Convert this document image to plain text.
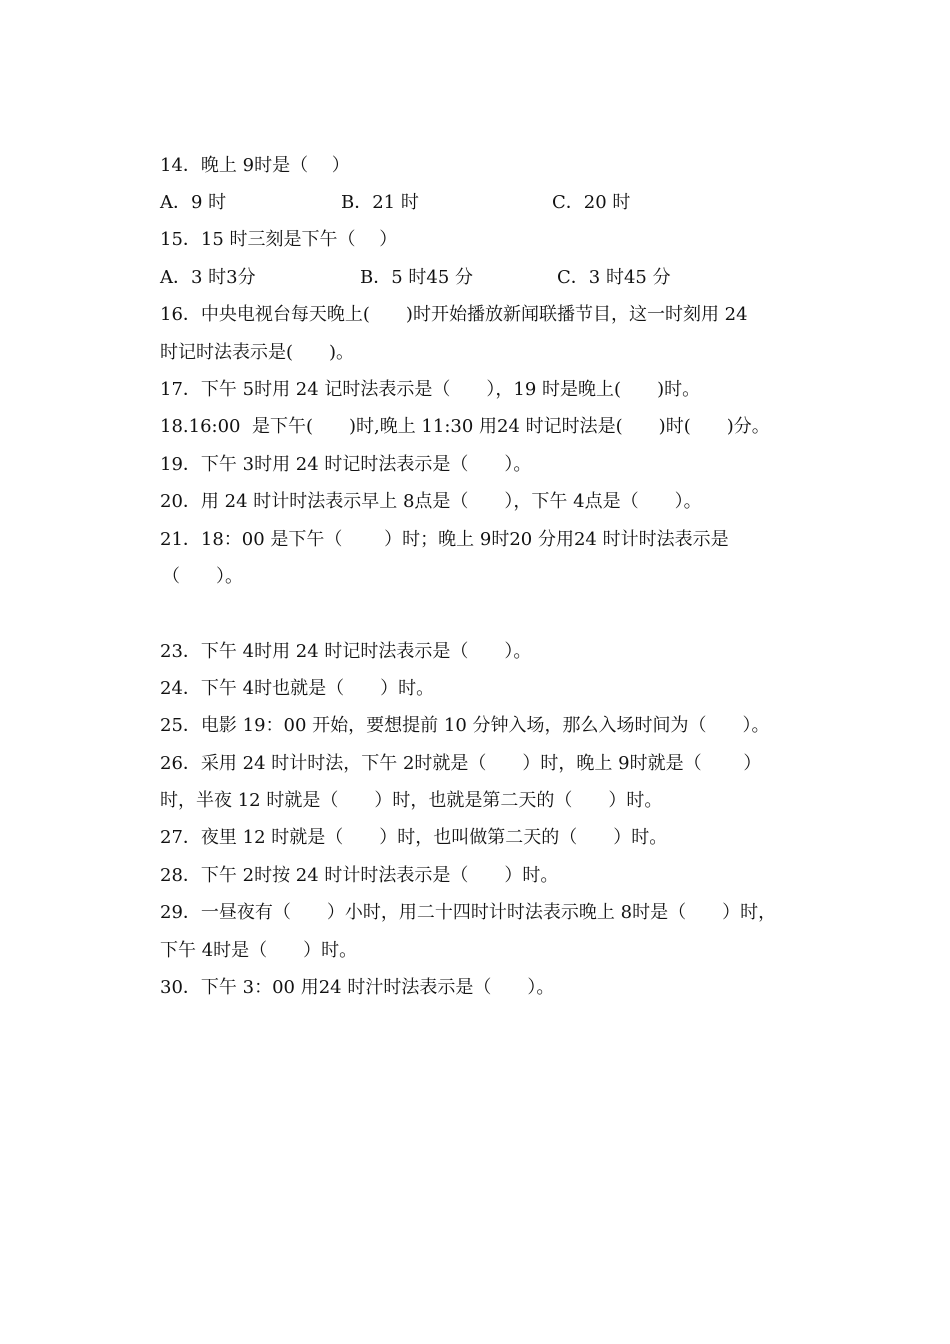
14．晚上 9时是（　 ）
A．9 时	B．21 时	C．20 时
15．15 时三刻是下午（　 ）
A．3 时3分	B．5 时45 分	C．3 时45 分
16．中央电视台每天晚上(　　)时开始播放新闻联播节目，这一时刻用 24
时记时法表示是(　　)。
17．下午 5时用 24 记时法表示是（　　），19 时是晚上(　　)时。
18.16:00  是下午(　　)时,晚上 11:30 用24 时记时法是(　　)时(　　)分。
19．下午 3时用 24 时记时法表示是（　　）。
20．用 24 时计时法表示早上 8点是（　　），下午 4点是（　　）。
21．18：00 是下午（　　 ）时；晚上 9时20 分用24 时计时法表示是
（　　）。
23．下午 4时用 24 时记时法表示是（　　）。
24．下午 4时也就是（　　）时。
25．电影 19：00 开始，要想提前 10 分钟入场，那么入场时间为（　　）。
26．采用 24 时计时法，下午 2时就是（　　）时，晚上 9时就是（　　 ）
时，半夜 12 时就是（　　）时，也就是第二天的（　　）时。
27．夜里 12 时就是（　　）时，也叫做第二天的（　　）时。
28．下午 2时按 24 时计时法表示是（　　）时。
29．一昼夜有（　　）小时，用二十四时计时法表示晚上 8时是（　　）时，
下午 4时是（　　）时。
30．下午 3：00 用24 时汁时法表示是（　　）。
